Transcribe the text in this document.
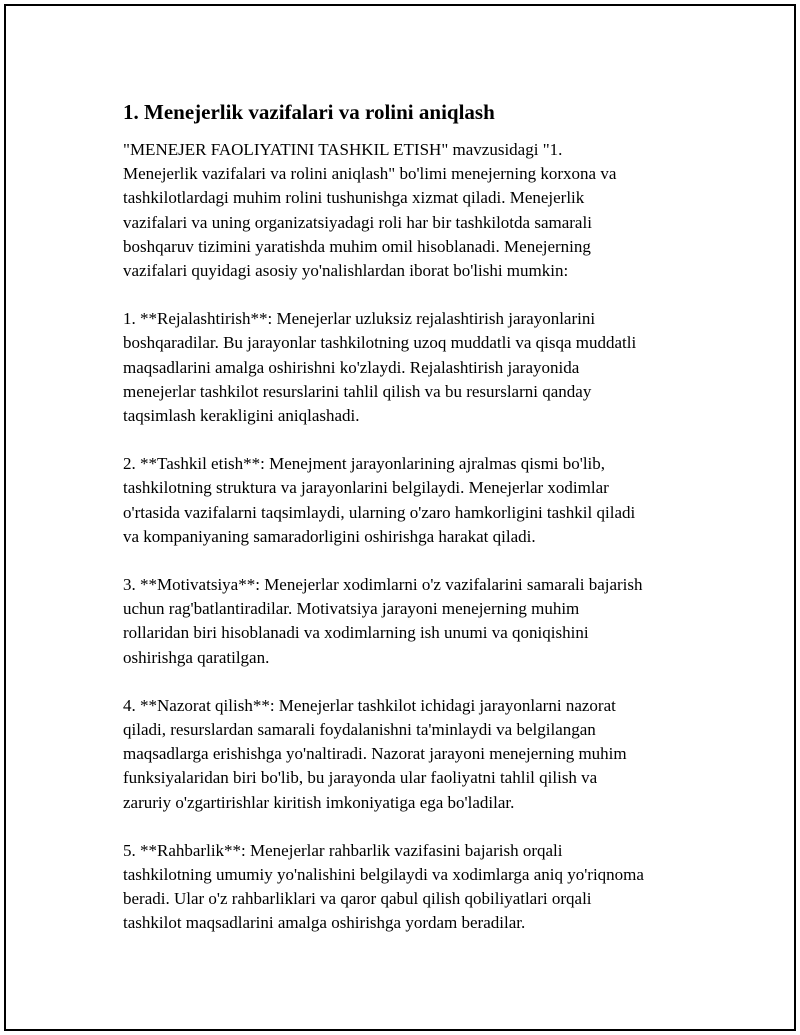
1. Menejerlik vazifalari va rolini aniqlash

"MENEJER FAOLIYATINI TASHKIL ETISH" mavzusidagi "1.
Menejerlik vazifalari va rolini aniqlash" bo'limi menejerning korxona va
tashkilotlardagi muhim rolini tushunishga xizmat qiladi. Menejerlik
vazifalari va uning organizatsiyadagi roli har bir tashkilotda samarali
boshqaruv tizimini yaratishda muhim omil hisoblanadi. Menejerning
vazifalari quyidagi asosiy yo'nalishlardan iborat bo'lishi mumkin:

1. **Rejalashtirish**: Menejerlar uzluksiz rejalashtirish jarayonlarini
boshqaradilar. Bu jarayonlar tashkilotning uzoq muddatli va qisqa muddatli
maqsadlarini amalga oshirishni ko'zlaydi. Rejalashtirish jarayonida
menejerlar tashkilot resurslarini tahlil qilish va bu resurslarni qanday
taqsimlash kerakligini aniqlashadi.

2. **Tashkil etish**: Menejment jarayonlarining ajralmas qismi bo'lib,
tashkilotning struktura va jarayonlarini belgilaydi. Menejerlar xodimlar
o'rtasida vazifalarni taqsimlaydi, ularning o'zaro hamkorligini tashkil qiladi
va kompaniyaning samaradorligini oshirishga harakat qiladi.

3. **Motivatsiya**: Menejerlar xodimlarni o'z vazifalarini samarali bajarish
uchun rag'batlantiradilar. Motivatsiya jarayoni menejerning muhim
rollaridan biri hisoblanadi va xodimlarning ish unumi va qoniqishini
oshirishga qaratilgan.

4. **Nazorat qilish**: Menejerlar tashkilot ichidagi jarayonlarni nazorat
qiladi, resurslardan samarali foydalanishni ta'minlaydi va belgilangan
maqsadlarga erishishga yo'naltiradi. Nazorat jarayoni menejerning muhim
funksiyalaridan biri bo'lib, bu jarayonda ular faoliyatni tahlil qilish va
zaruriy o'zgartirishlar kiritish imkoniyatiga ega bo'ladilar.

5. **Rahbarlik**: Menejerlar rahbarlik vazifasini bajarish orqali
tashkilotning umumiy yo'nalishini belgilaydi va xodimlarga aniq yo'riqnoma
beradi. Ular o'z rahbarliklari va qaror qabul qilish qobiliyatlari orqali
tashkilot maqsadlarini amalga oshirishga yordam beradilar.
